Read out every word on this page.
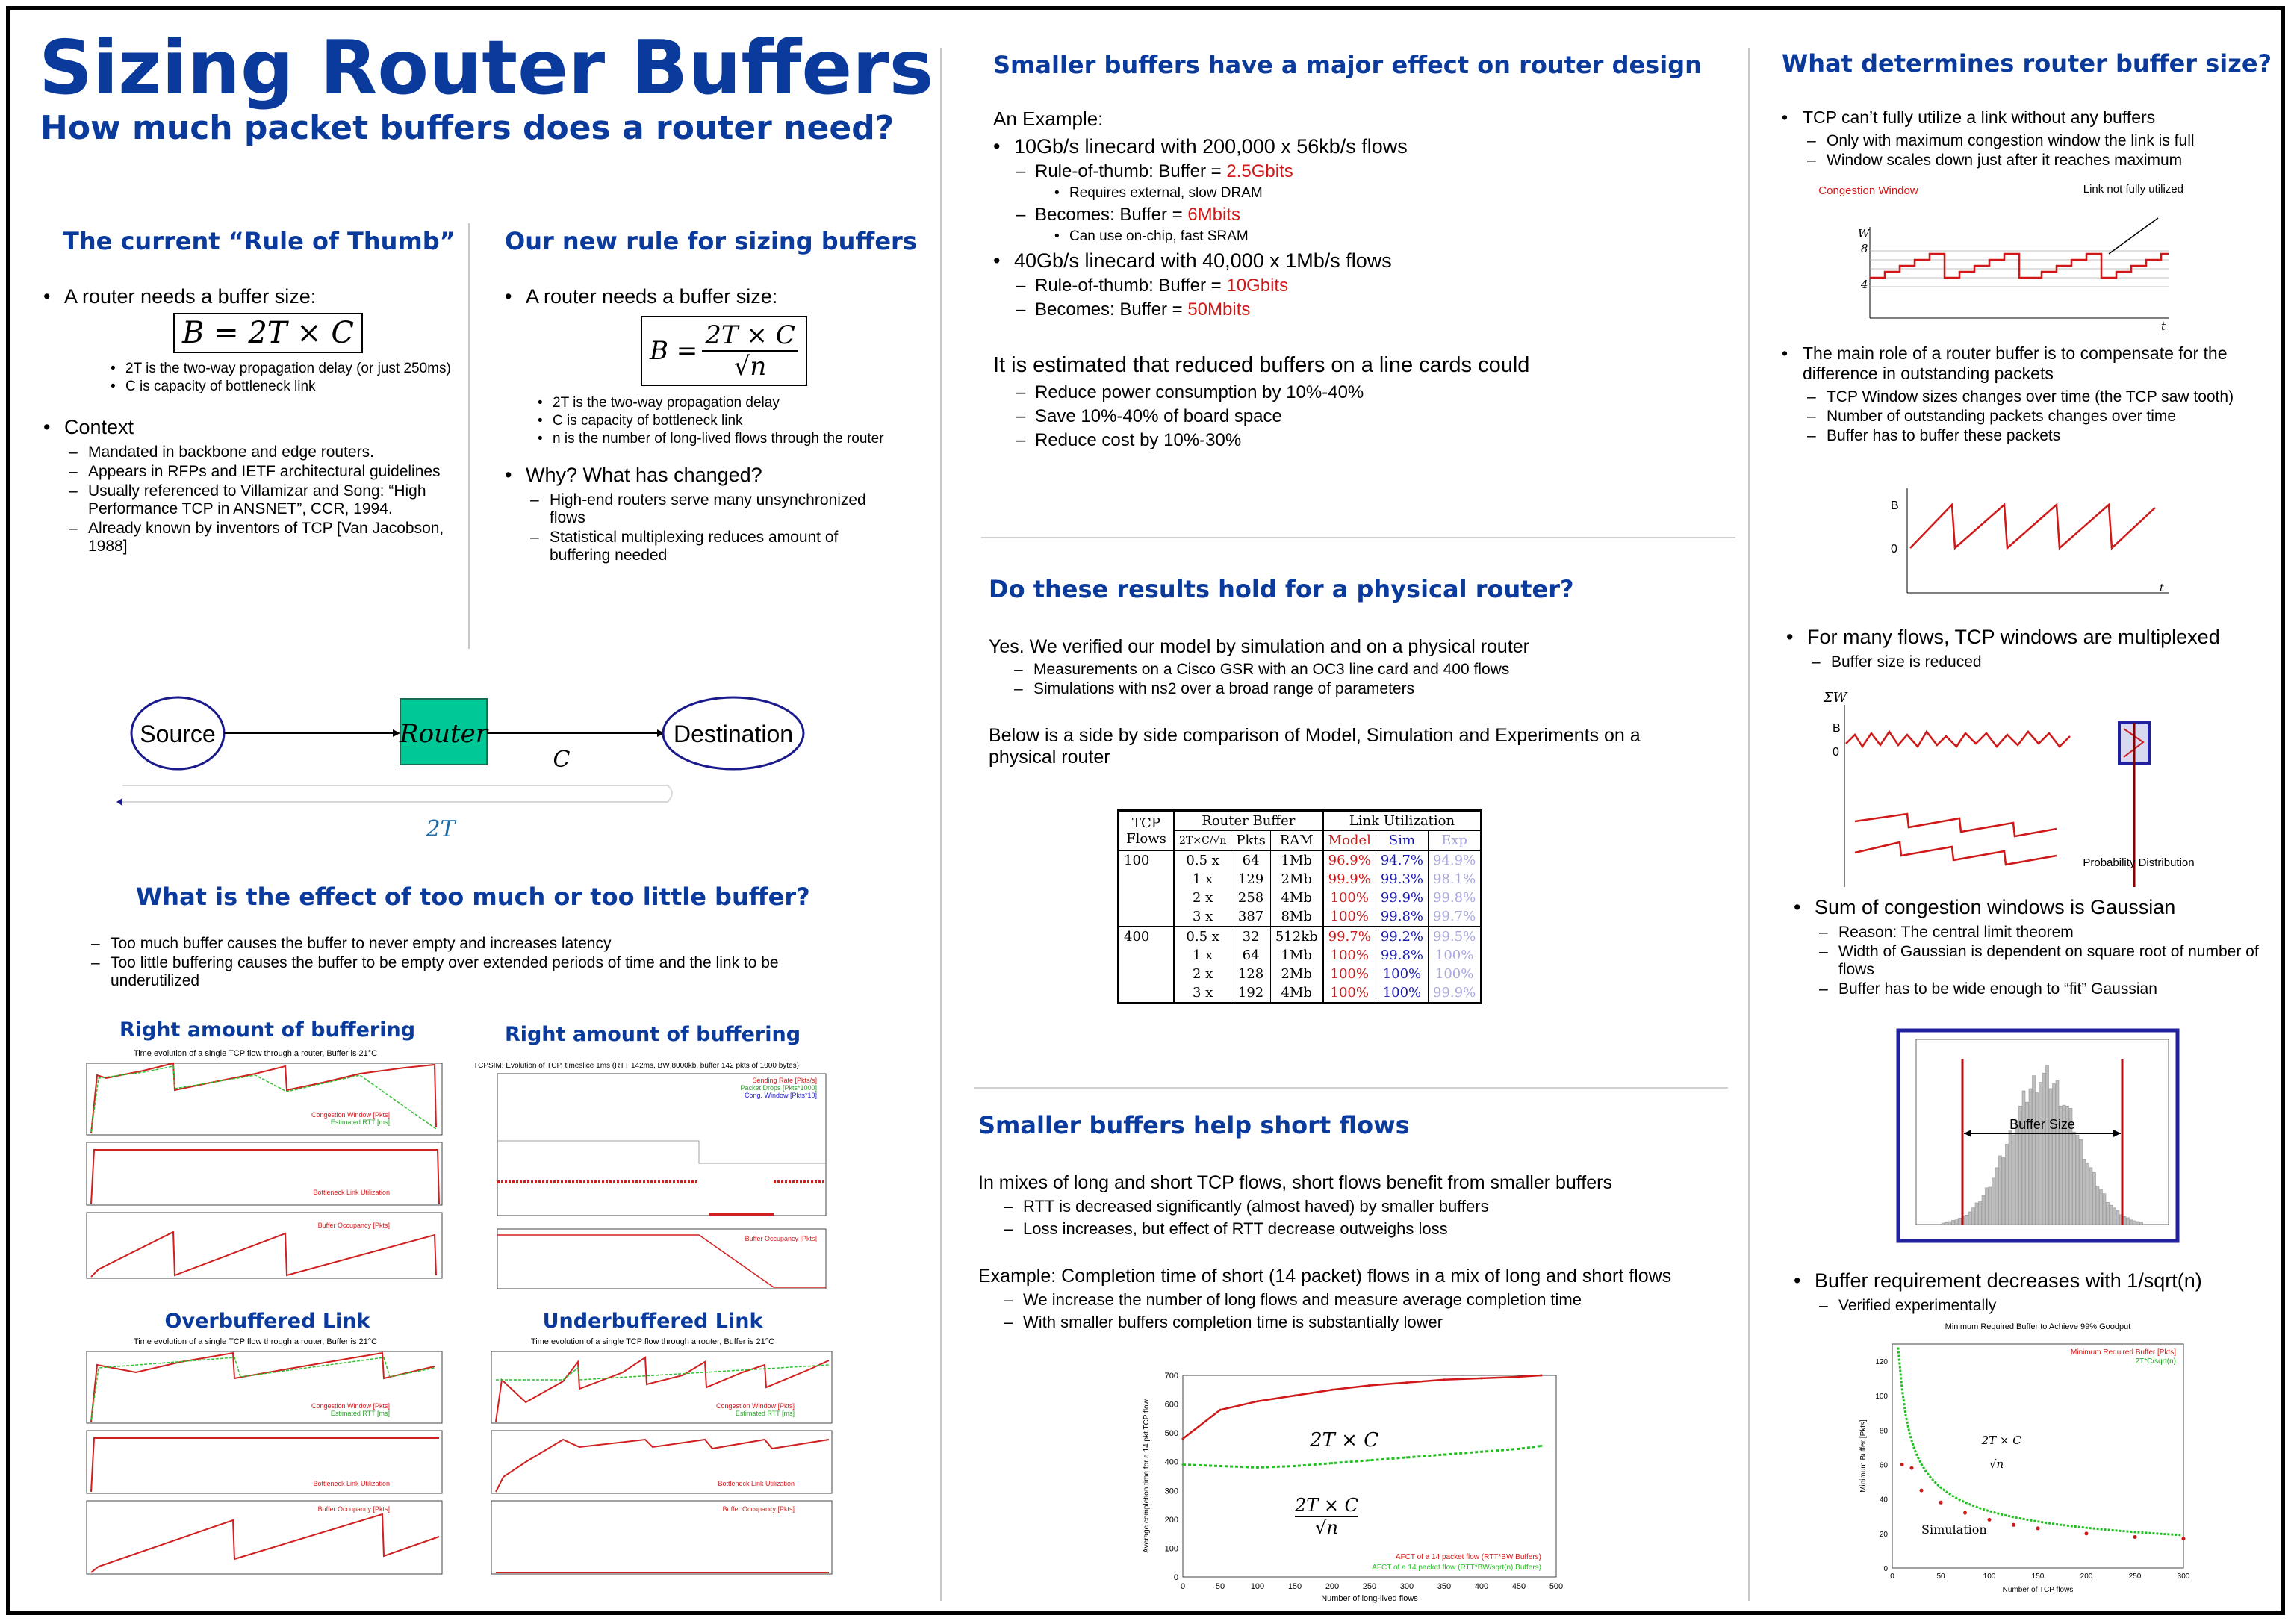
Sizing Router Buffers
How much packet buffers does a router need?
The current “Rule of Thumb”
• A router needs a buffer size:
B = 2T × C
• 2T is the two-way propagation delay (or just 250ms)
• C is capacity of bottleneck link
• Context
– Mandated in backbone and edge routers.
– Appears in RFPs and IETF architectural guidelines
– Usually referenced to Villamizar and Song: “High Performance TCP in ANSNET”, CCR, 1994.
– Already known by inventors of TCP [Van Jacobson, 1988]
Our new rule for sizing buffers
• A router needs a buffer size:
$B = \frac{2T \times C}{√n}$
• 2T is the two-way propagation delay
• C is capacity of bottleneck link
• n is the number of long-lived flows through the router
• Why? What has changed?
– High-end routers serve many unsynchronized flows
– Statistical multiplexing reduces amount of buffering needed
Source	Router
C
Destination
2T
What is the effect of too much or too little buffer?
– Too much buffer causes the buffer to never empty and increases latency
– Too little buffering causes the buffer to be empty over extended periods of time and the link to be underutilized
Right amount of buffering	Right amount of buffering
Overbuffered Link	Underbuffered Link
Time evolution of a single TCP flow through a router, Buffer is 21°C
Congestion Window [Pkts]
Estimated RTT [ms]
Bottleneck Link Utilization
Buffer Occupancy [Pkts]
TCPSIM: Evolution of TCP, timeslice 1ms (RTT 142ms, BW 8000kb, buffer 142 pkts of 1000 bytes)
Sending Rate [Pkts/s]
Packet Drops [Pkts*1000]
Cong. Window [Pkts*10]
Buffer Occupancy [Pkts]
Time evolution of a single TCP flow through a router, Buffer is 21°C
Congestion Window [Pkts]
Estimated RTT [ms]
Bottleneck Link Utilization
Buffer Occupancy [Pkts]
Time evolution of a single TCP flow through a router, Buffer is 21°C
Congestion Window [Pkts]
Estimated RTT [ms]
Bottleneck Link Utilization
Buffer Occupancy [Pkts]
Smaller buffers have a major effect on router design
An Example:
• 10Gb/s linecard with 200,000 x 56kb/s flows
– Rule-of-thumb: Buffer = 2.5Gbits
• Requires external, slow DRAM
– Becomes: Buffer = 6Mbits
• Can use on-chip, fast SRAM
• 40Gb/s linecard with 40,000 x 1Mb/s flows
– Rule-of-thumb: Buffer = 10Gbits
– Becomes: Buffer = 50Mbits
It is estimated that reduced buffers on a line cards could
– Reduce power consumption by 10%-40%
– Save 10%-40% of board space
– Reduce cost by 10%-30%
Do these results hold for a physical router?
Yes. We verified our model by simulation and on a physical router
– Measurements on a Cisco GSR with an OC3 line card and 400 flows
– Simulations with ns2 over a broad range of parameters
Below is a side by side comparison of Model, Simulation and Experiments on a physical router
TCP Flows	Router Buffer			Link Utilization		
	2T×C/√n	Pkts	RAM	Model	Sim	Exp
100	0.5 x	64	1Mb	96.9%	94.7%	94.9%
	1 x	129	2Mb	99.9%	99.3%	98.1%
	2 x	258	4Mb	100%	99.9%	99.8%
	3 x	387	8Mb	100%	99.8%	99.7%
400	0.5 x	32	512kb	99.7%	99.2%	99.5%
	1 x	64	1Mb	100%	99.8%	100%
	2 x	128	2Mb	100%	100%	100%
	3 x	192	4Mb	100%	100%	99.9%
Smaller buffers help short flows
In mixes of long and short TCP flows, short flows benefit from smaller buffers
– RTT is decreased significantly (almost haved) by smaller buffers
– Loss increases, but effect of RTT decrease outweighs loss
Example: Completion time of short (14 packet) flows in a mix of long and short flows
– We increase the number of long flows and measure average completion time
– With smaller buffers completion time is substantially lower
0	50	100	150	200	250	300	350	400	450	500
0
100
200
300
400
500
600
700
AFCT of a 14 packet flow (RTT*BW Buffers)
AFCT of a 14 packet flow (RTT*BW/sqrt(n) Buffers)
Number of long-lived flows
Average completion time for a 14 pkt TCP flow	2T × C
$\frac{2T \times C}{√n}$
What determines router buffer size?
• TCP can’t fully utilize a link without any buffers
– Only with maximum congestion window the link is full
– Window scales down just after it reaches maximum
Congestion Window	Link not fully utilized
8
4
W
t
• The main role of a router buffer is to compensate for the difference in outstanding packets
– TCP Window sizes changes over time (the TCP saw tooth)
– Number of outstanding packets changes over time
– Buffer has to buffer these packets
B
0
t
• For many flows, TCP windows are multiplexed
– Buffer size is reduced
ΣW
B
0
Probability Distribution
• Sum of congestion windows is Gaussian
– Reason: The central limit theorem
– Width of Gaussian is dependent on square root of number of flows
– Buffer has to be wide enough to “fit” Gaussian
Buffer Size
• Buffer requirement decreases with 1/sqrt(n)
– Verified experimentally
Minimum Required Buffer to Achieve 99% Goodput
0	50	100	150	200	250	300
0
20
40
60
80
100
120
Minimum Required Buffer [Pkts]
2T*C/sqrt(n)
Number of TCP flows
Minimum Buffer [Pkts]
Simulation
2T × C
√n
